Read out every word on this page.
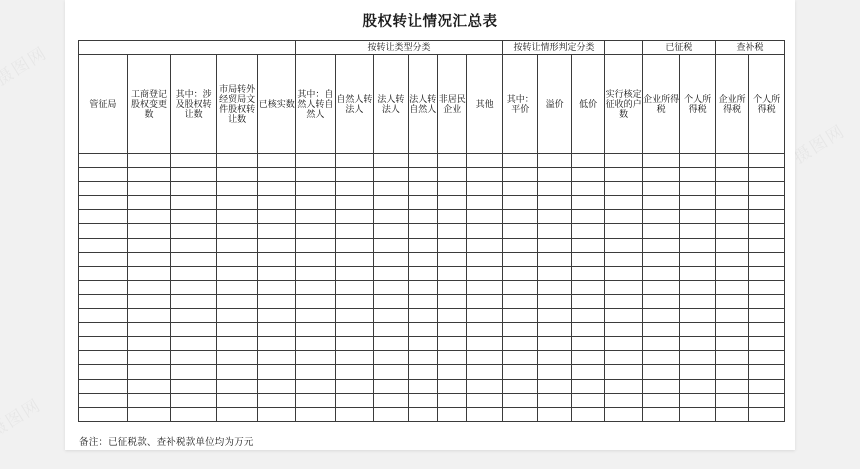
股权转让情况汇总表
					按转让类型分类						按转让情形判定分类				已征税		查补税	

管征局	工商登记股权变更数	其中：涉及股权转让数	市局转外经贸局文件股权转让数	已核实数	其中：自然人转自然人	自然人转法人	法人转法人	法人转自然人	非居民企业	其他	其中：平价	溢价	低价	实行核定征收的户数	企业所得税	个人所得税	企业所得税	个人所得税

备注：已征税款、查补税款单位均为万元
